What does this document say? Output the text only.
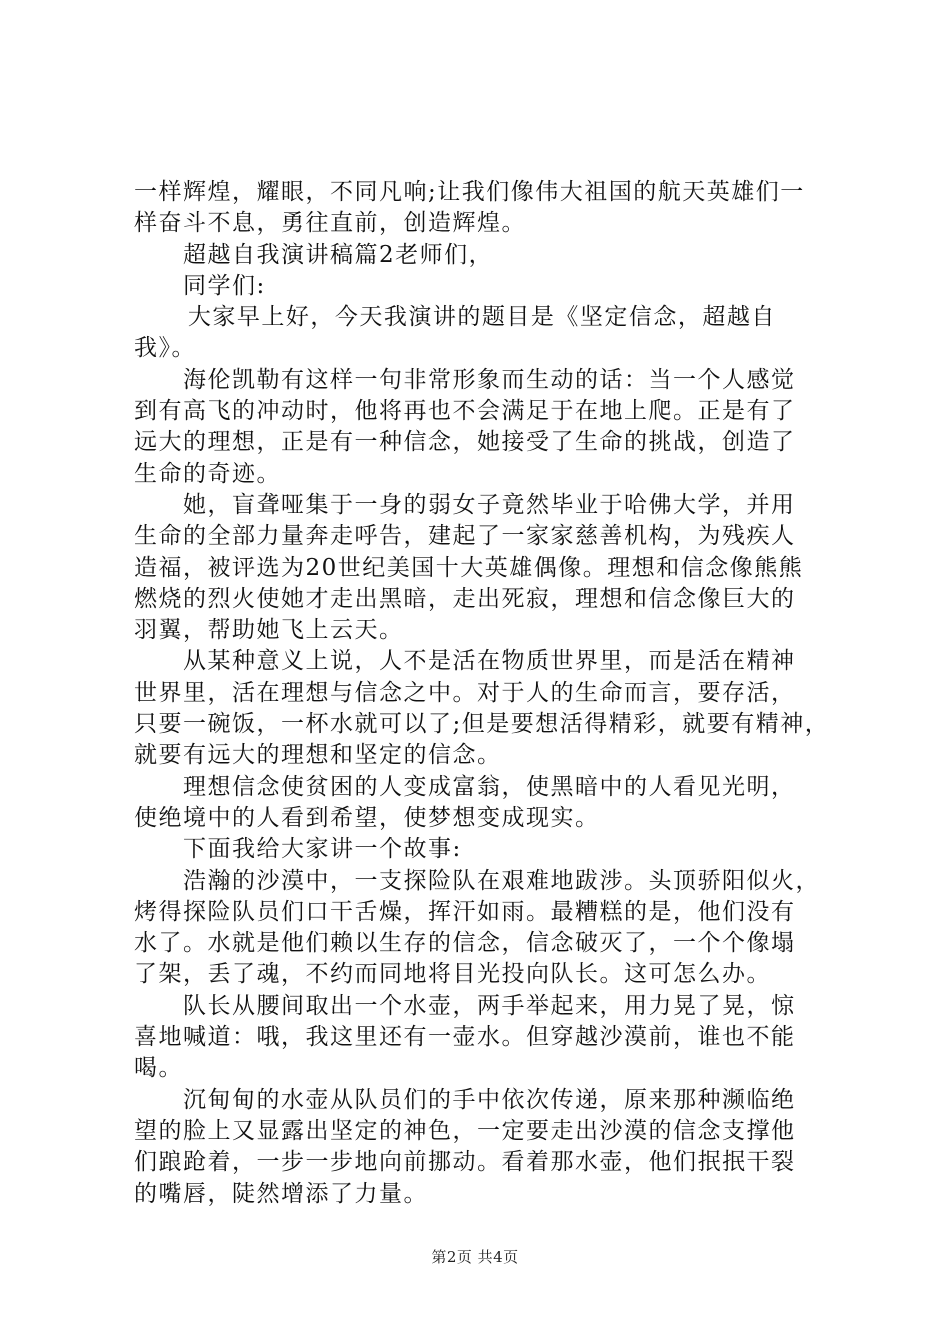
一样辉煌，耀眼，不同凡响;让我们像伟大祖国的航天英雄们一
样奋斗不息，勇往直前，创造辉煌。
超越自我演讲稿篇2老师们，
同学们:
大家早上好，今天我演讲的题目是《坚定信念，超越自
我》。
海伦凯勒有这样一句非常形象而生动的话：当一个人感觉
到有高飞的冲动时，他将再也不会满足于在地上爬。正是有了
远大的理想，正是有一种信念，她接受了生命的挑战，创造了
生命的奇迹。
她，盲聋哑集于一身的弱女子竟然毕业于哈佛大学，并用
生命的全部力量奔走呼告，建起了一家家慈善机构，为残疾人
造福，被评选为20世纪美国十大英雄偶像。理想和信念像熊熊
燃烧的烈火使她才走出黑暗，走出死寂，理想和信念像巨大的
羽翼，帮助她飞上云天。
从某种意义上说，人不是活在物质世界里，而是活在精神
世界里，活在理想与信念之中。对于人的生命而言，要存活，
只要一碗饭，一杯水就可以了;但是要想活得精彩，就要有精神，
就要有远大的理想和坚定的信念。
理想信念使贫困的人变成富翁，使黑暗中的人看见光明，
使绝境中的人看到希望，使梦想变成现实。
下面我给大家讲一个故事:
浩瀚的沙漠中，一支探险队在艰难地跋涉。头顶骄阳似火，
烤得探险队员们口干舌燥，挥汗如雨。最糟糕的是，他们没有
水了。水就是他们赖以生存的信念，信念破灭了，一个个像塌
了架，丢了魂，不约而同地将目光投向队长。这可怎么办。
队长从腰间取出一个水壶，两手举起来，用力晃了晃，惊
喜地喊道：哦，我这里还有一壶水。但穿越沙漠前，谁也不能
喝。
沉甸甸的水壶从队员们的手中依次传递，原来那种濒临绝
望的脸上又显露出坚定的神色，一定要走出沙漠的信念支撑他
们踉跄着，一步一步地向前挪动。看着那水壶，他们抿抿干裂
的嘴唇，陡然增添了力量。
第2页 共4页
